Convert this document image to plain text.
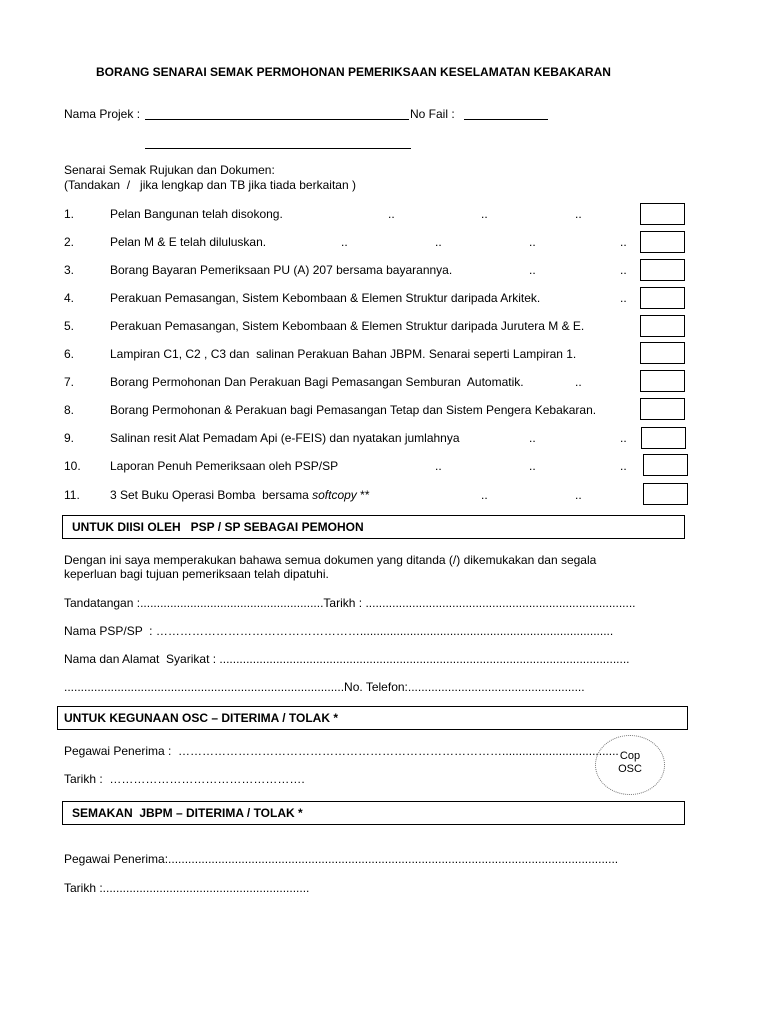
BORANG SENARAI SEMAK PERMOHONAN PEMERIKSAAN KESELAMATAN KEBAKARAN
Nama Projek :	No Fail :
Senarai Semak Rujukan dan Dokumen:
(Tandakan  /   jika lengkap dan TB jika tiada berkaitan )
1.	Pelan Bangunan telah disokong.	..	..	..
2.	Pelan M & E telah diluluskan.	..	..	..	..
3.	Borang Bayaran Pemeriksaan PU (A) 207 bersama bayarannya.	..	..
4.	Perakuan Pemasangan, Sistem Kebombaan & Elemen Struktur daripada Arkitek.	..
5.	Perakuan Pemasangan, Sistem Kebombaan & Elemen Struktur daripada Jurutera M & E.
6.	Lampiran C1, C2 , C3 dan  salinan Perakuan Bahan JBPM. Senarai seperti Lampiran 1.
7.	Borang Permohonan Dan Perakuan Bagi Pemasangan Semburan  Automatik.	..
8.	Borang Permohonan & Perakuan bagi Pemasangan Tetap dan Sistem Pengera Kebakaran.
9.	Salinan resit Alat Pemadam Api (e-FEIS) dan nyatakan jumlahnya	..	..
10. Laporan Penuh Pemeriksaan oleh PSP/SP	..	..	..
11.	3 Set Buku Operasi Bomba  bersama softcopy **	..	..
UNTUK DIISI OLEH   PSP / SP SEBAGAI PEMOHON
Dengan ini saya memperakukan bahawa semua dokumen yang ditanda (/) dikemukakan dan segala
keperluan bagi tujuan pemeriksaan telah dipatuhi.
Tandatangan :.......................................................Tarikh : .................................................................................
Nama PSP/SP  : ……………………………………………............................................................................
Nama dan Alamat  Syarikat : ...........................................................................................................................
....................................................................................No. Telefon:.....................................................
UNTUK KEGUNAAN OSC – DITERIMA / TOLAK *
Pegawai Penerima :  ………………………………………………………………………...................................
Tarikh :  ………………………………………….
Cop
OSC
SEMAKAN  JBPM – DITERIMA / TOLAK *
Pegawai Penerima:.......................................................................................................................................
Tarikh :..............................................................
